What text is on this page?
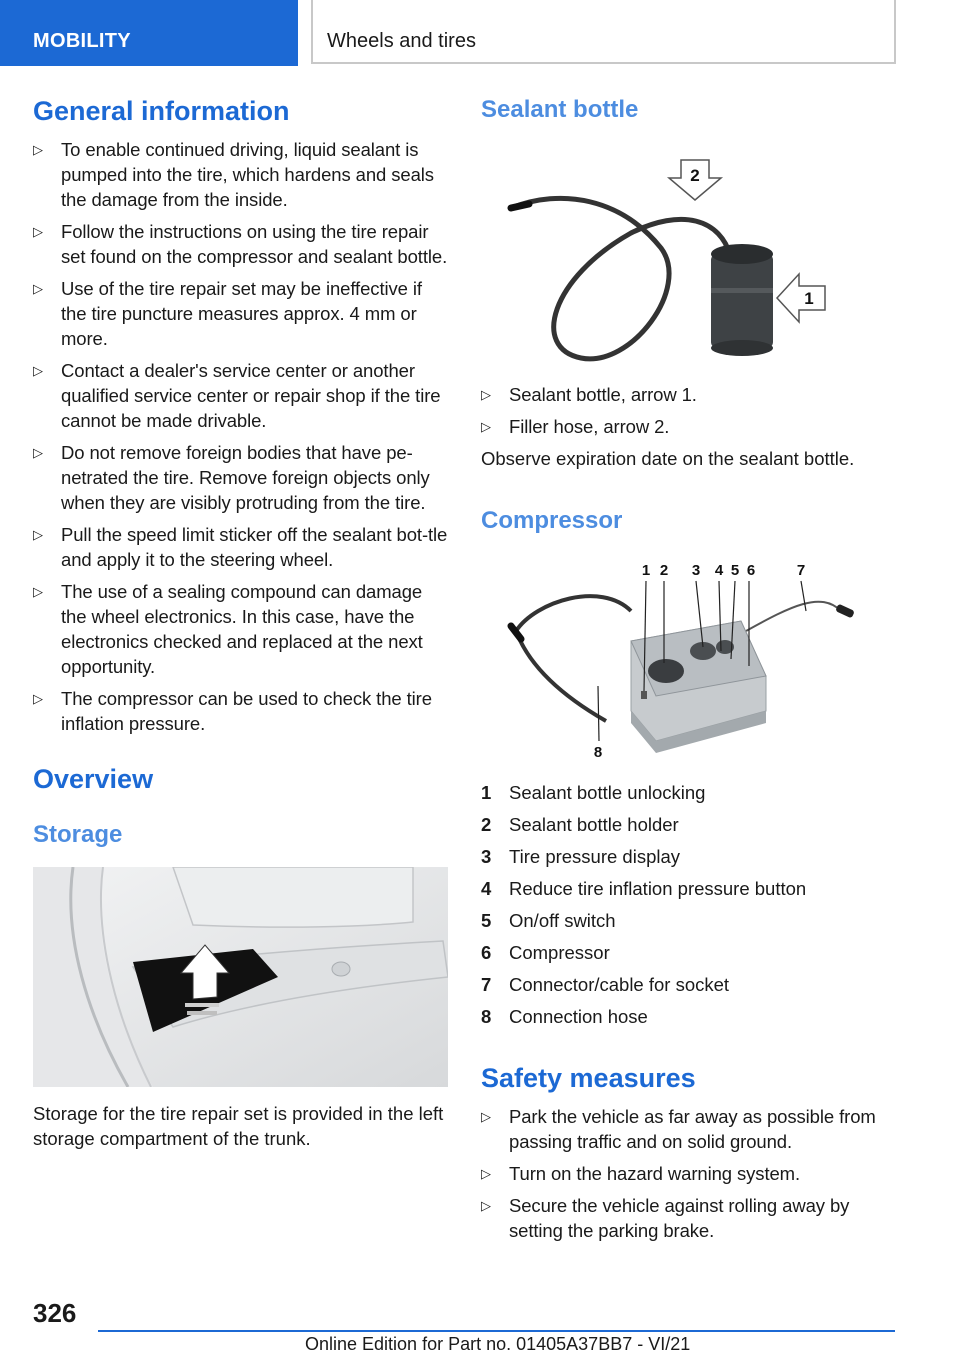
MOBILITY	Wheels and tires
General information
▷ To enable continued driving, liquid sealant is pumped into the tire, which hardens and seals the damage from the inside.
▷ Follow the instructions on using the tire repair set found on the compressor and sealant bottle.
▷ Use of the tire repair set may be ineffective if the tire puncture measures approx. 4 mm or more.
▷ Contact a dealer's service center or another qualified service center or repair shop if the tire cannot be made drivable.
▷ Do not remove foreign bodies that have pe‐netrated the tire. Remove foreign objects only when they are visibly protruding from the tire.
▷ Pull the speed limit sticker off the sealant bot‐tle and apply it to the steering wheel.
▷ The use of a sealing compound can damage the wheel electronics. In this case, have the electronics checked and replaced at the next opportunity.
▷ The compressor can be used to check the tire inflation pressure.
Overview
Storage

Storage for the tire repair set is provided in the left storage compartment of the trunk.

Sealant bottle
2
1
▷ Sealant bottle, arrow 1.
▷ Filler hose, arrow 2.

Observe expiration date on the sealant bottle.

Compressor
1 2 3 4 5 6	7
8
1 Sealant bottle unlocking
2 Sealant bottle holder
3 Tire pressure display
4 Reduce tire inflation pressure button
5 On/off switch
6 Compressor
7 Connector/cable for socket
8 Connection hose
Safety measures
▷ Park the vehicle as far away as possible from passing traffic and on solid ground.
▷ Turn on the hazard warning system.
▷ Secure the vehicle against rolling away by setting the parking brake.
326
Online Edition for Part no. 01405A37BB7 - VI/21
